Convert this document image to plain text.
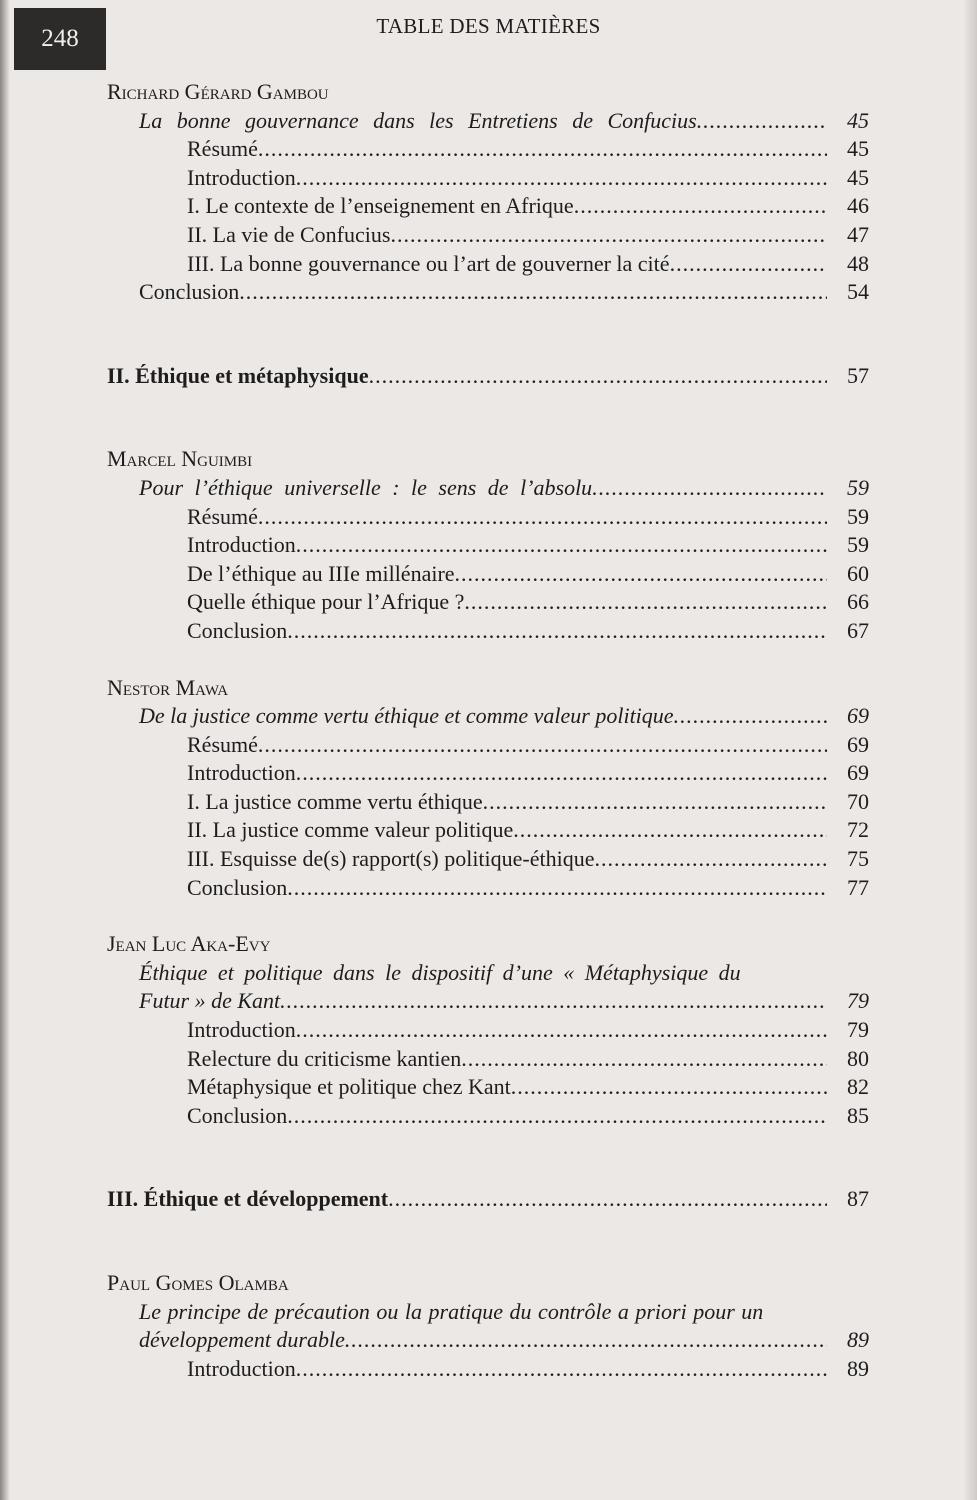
248	TABLE DES MATIÈRES
Richard Gérard Gambou
La bonne gouvernance dans les Entretiens de Confucius .....	45
Résumé .....	45
Introduction .....	45
I. Le contexte de l’enseignement en Afrique .....	46
II. La vie de Confucius .....	47
III. La bonne gouvernance ou l’art de gouverner la cité .....	48
Conclusion .....	54
II. Éthique et métaphysique .....	57
Marcel Nguimbi
Pour l’éthique universelle : le sens de l’absolu .....	59
Résumé .....	59
Introduction .....	59
De l’éthique au IIIe millénaire .....	60
Quelle éthique pour l’Afrique ? .....	66
Conclusion .....	67
Nestor Mawa
De la justice comme vertu éthique et comme valeur politique .....	69
Résumé .....	69
Introduction .....	69
I. La justice comme vertu éthique .....	70
II. La justice comme valeur politique .....	72
III. Esquisse de(s) rapport(s) politique-éthique .....	75
Conclusion .....	77
Jean Luc Aka-Evy
Éthique et politique dans le dispositif d’une « Métaphysique du
Futur » de Kant .....	79
Introduction .....	79
Relecture du criticisme kantien .....	80
Métaphysique et politique chez Kant .....	82
Conclusion .....	85
III. Éthique et développement .....	87
Paul Gomes Olamba
Le principe de précaution ou la pratique du contrôle a priori pour un
développement durable .....	89
Introduction .....	89
